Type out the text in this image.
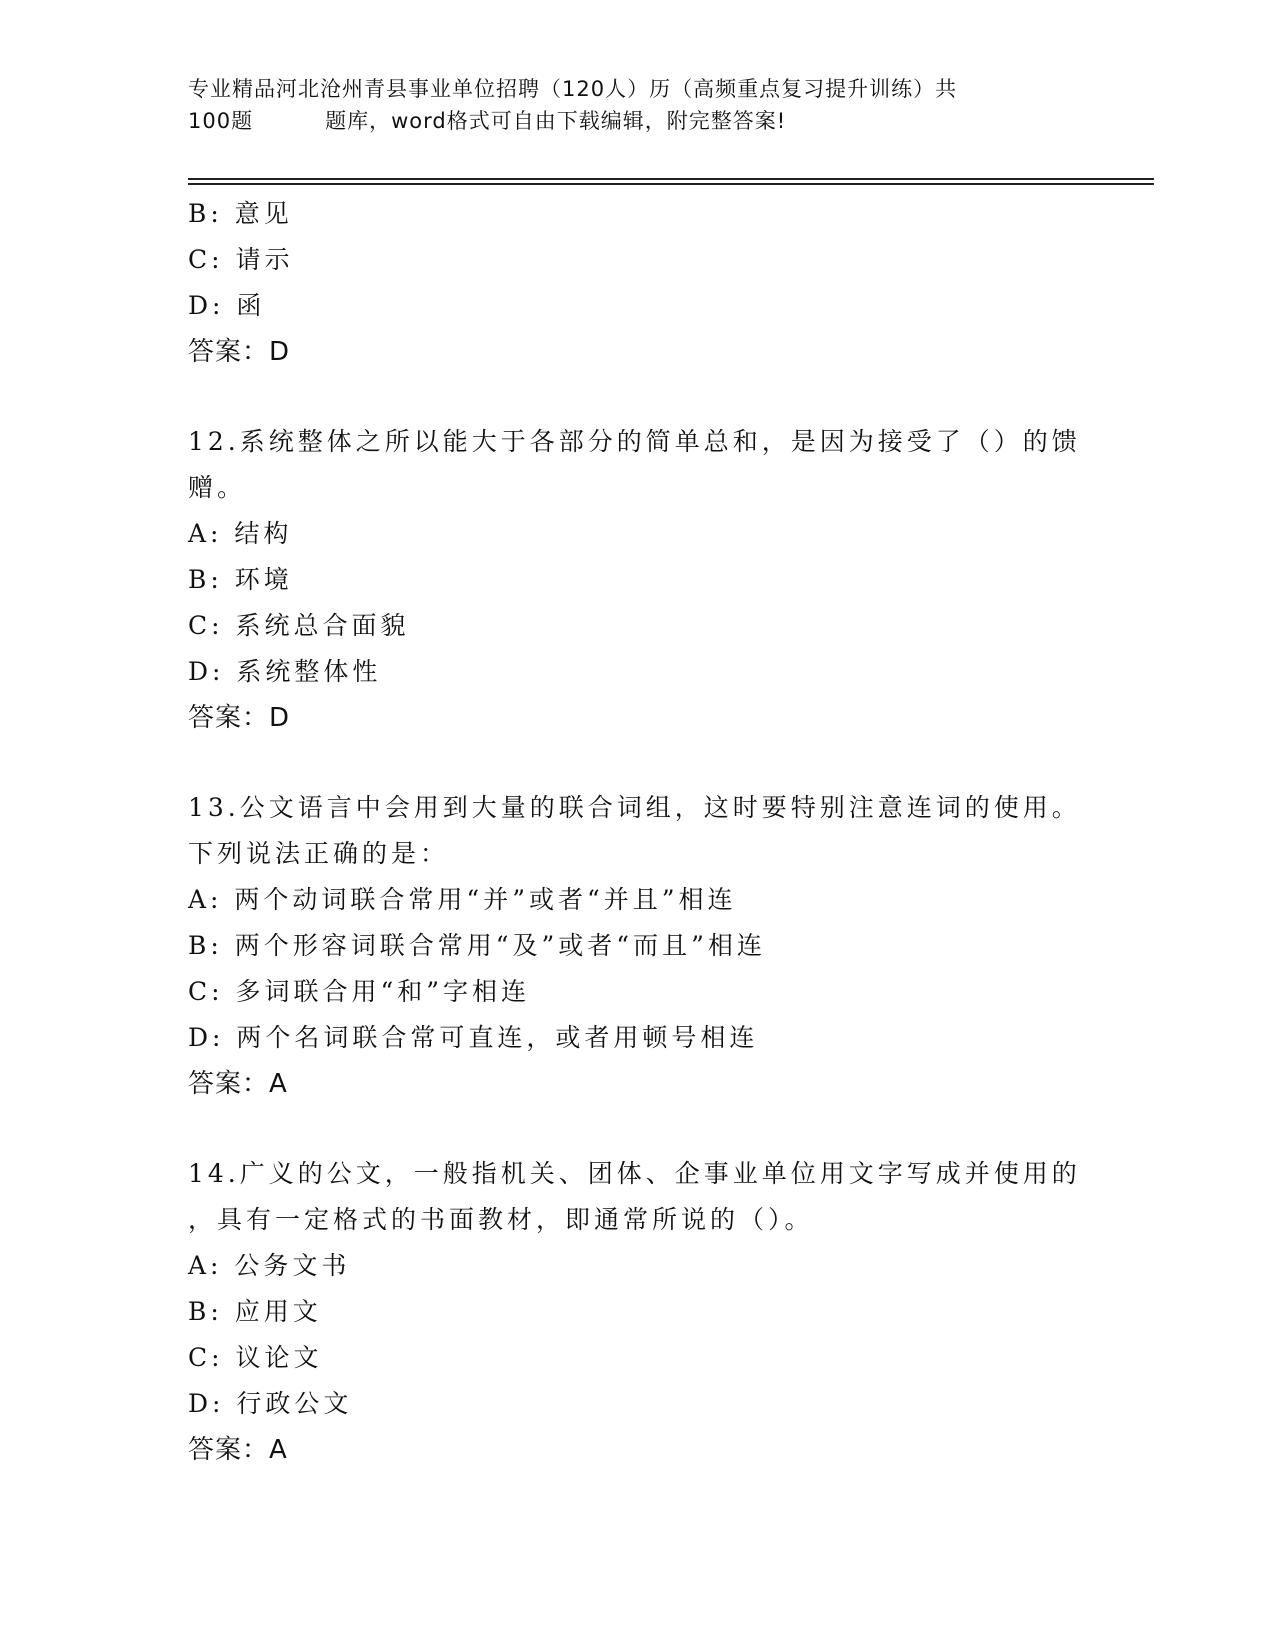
专业精品河北沧州青县事业单位招聘（120人）历（高频重点复习提升训练）共
100题	题库，word格式可自由下载编辑，附完整答案!
B: 意见
C: 请示
D: 函
答案：D
12.系统整体之所以能大于各部分的简单总和，是因为接受了（）的馈
赠。
A: 结构
B: 环境
C: 系统总合面貌
D: 系统整体性
答案：D
13.公文语言中会用到大量的联合词组，这时要特别注意连词的使用。
下列说法正确的是：
A: 两个动词联合常用“并”或者“并且”相连
B: 两个形容词联合常用“及”或者“而且”相连
C: 多词联合用“和”字相连
D: 两个名词联合常可直连，或者用顿号相连
答案：A
14.广义的公文，一般指机关、团体、企事业单位用文字写成并使用的
，具有一定格式的书面教材，即通常所说的（）。
A: 公务文书
B: 应用文
C: 议论文
D: 行政公文
答案：A
